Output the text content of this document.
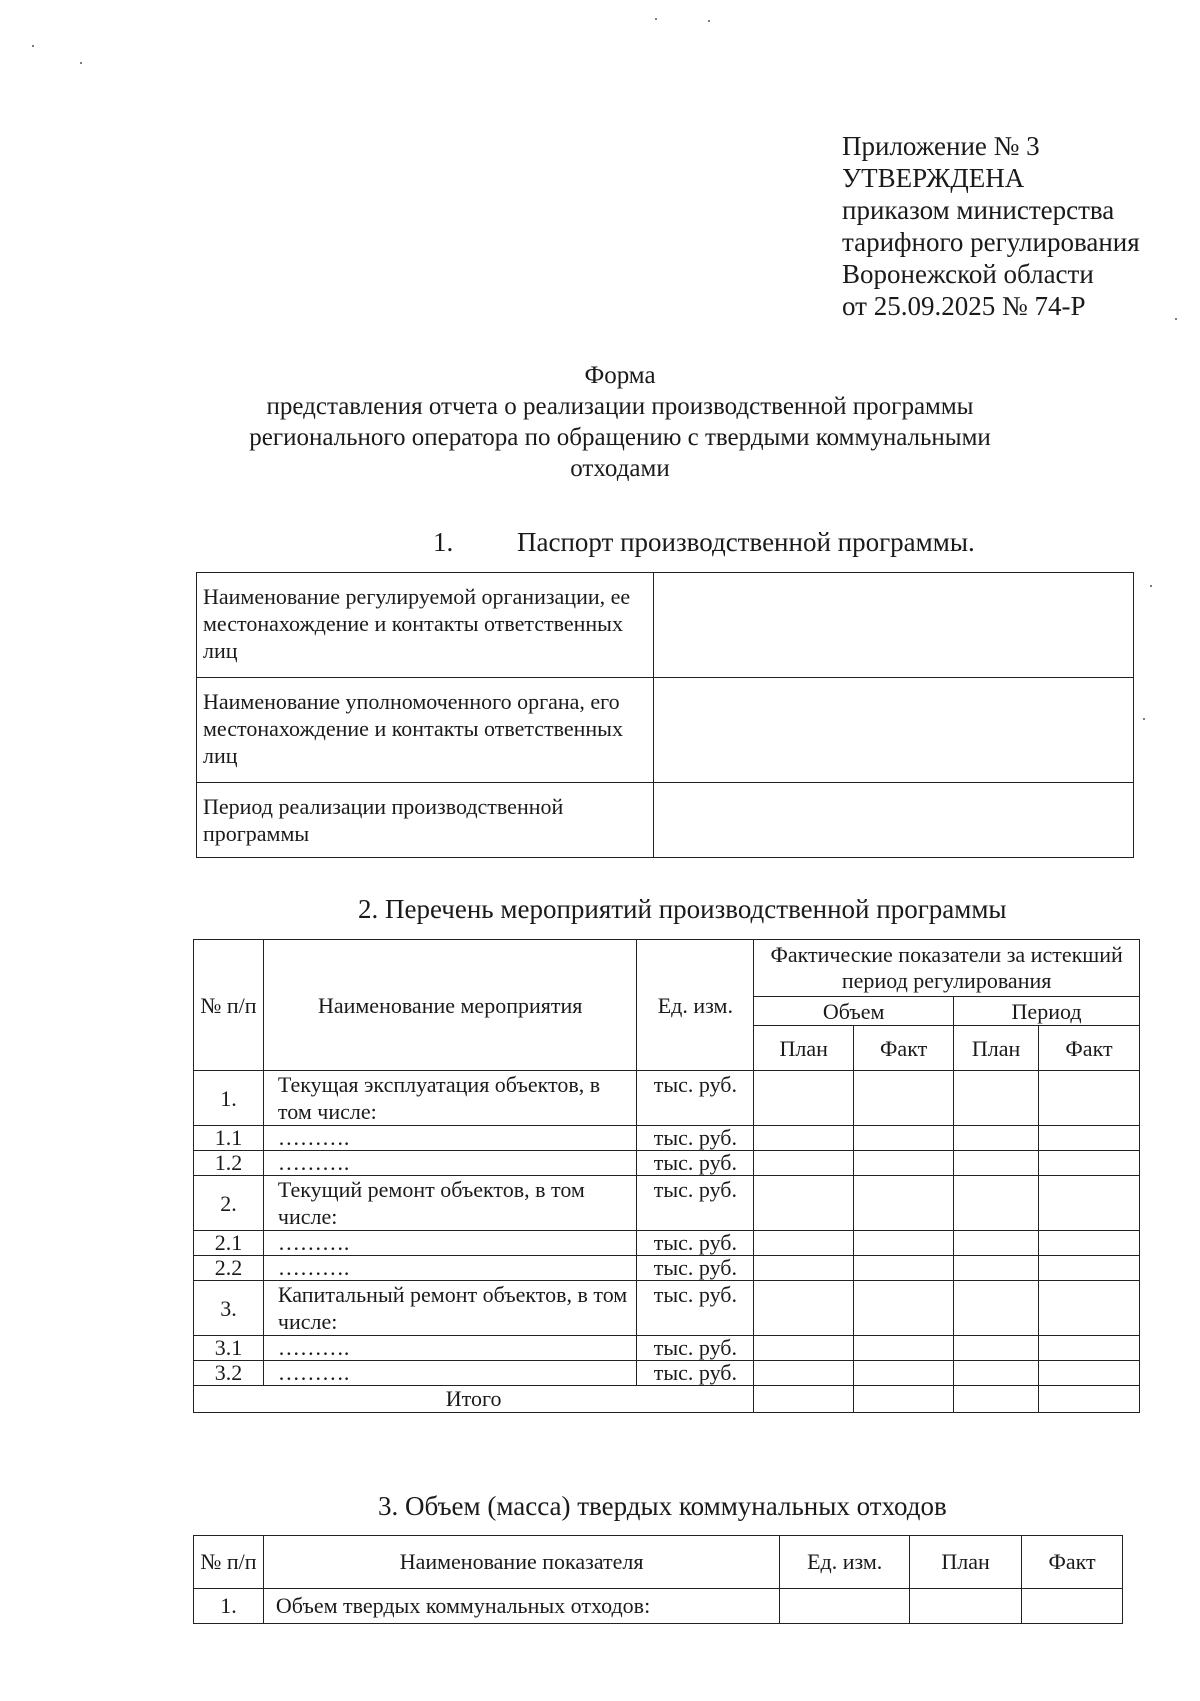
Приложение № 3
УТВЕРЖДЕНА
приказом министерства
тарифного регулирования
Воронежской области
от 25.09.2025 № 74-Р
Форма
представления отчета о реализации производственной программы
регионального оператора по обращению с твердыми коммунальными
отходами
1. Паспорт производственной программы.
Наименование регулируемой организации, ее местонахождение и контакты ответственных лиц	
Наименование уполномоченного органа, его местонахождение и контакты ответственных лиц	
Период реализации производственной программы	
2. Перечень мероприятий производственной программы
№ п/п	Наименование мероприятия	Ед. изм.	Фактические показатели за истекший период регулирования			
			Объем		Период	
			План	Факт	План	Факт
1.	Текущая эксплуатация объектов, в том числе:	тыс. руб.				
1.1	……….	тыс. руб.				
1.2	……….	тыс. руб.				
2.	Текущий ремонт объектов, в том числе:	тыс. руб.				
2.1	……….	тыс. руб.				
2.2	……….	тыс. руб.				
3.	Капитальный ремонт объектов, в том числе:	тыс. руб.				
3.1	……….	тыс. руб.				
3.2	……….	тыс. руб.				
Итого						
3. Объем (масса) твердых коммунальных отходов
№ п/п	Наименование показателя	Ед. изм.	План	Факт
1.	Объем твердых коммунальных отходов:			
